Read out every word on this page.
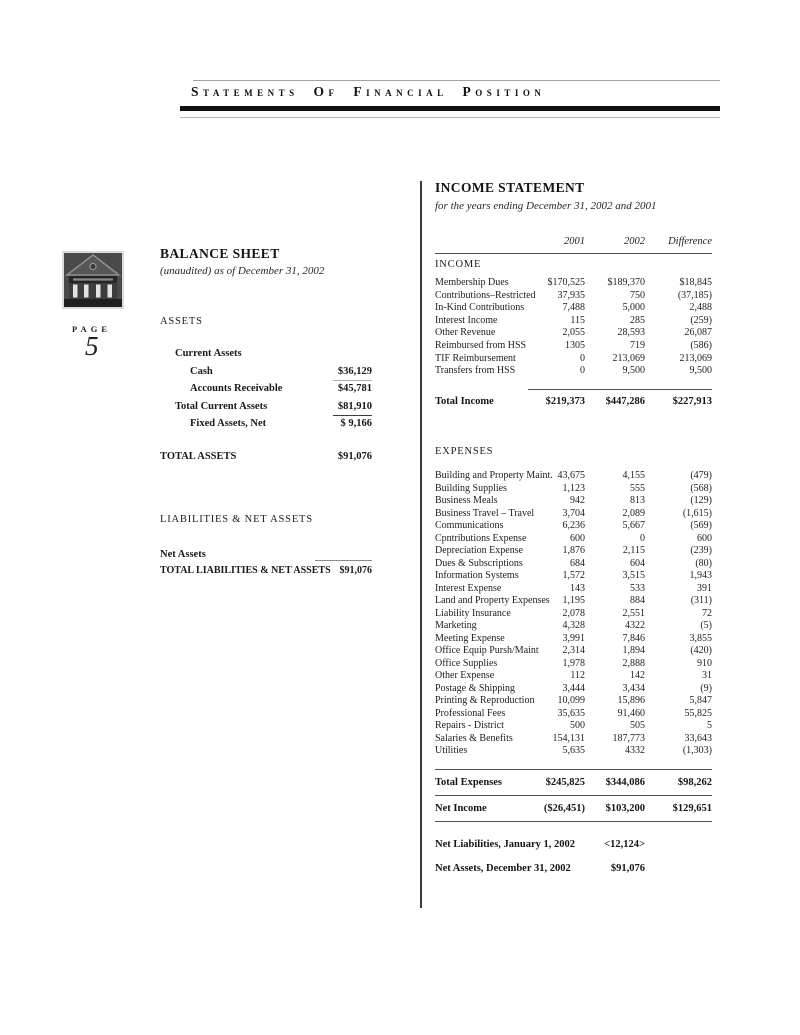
Statements Of Financial Position
PAGE
5
BALANCE SHEET
(unaudited) as of December 31, 2002
ASSETS
Current Assets
Cash	$36,129
Accounts Receivable	$45,781
Total Current Assets	$81,910
Fixed Assets, Net	$ 9,166
TOTAL ASSETS	$91,076
LIABILITIES & NET ASSETS
Net Assets
TOTAL LIABILITIES & NET ASSETS $91,076
INCOME STATEMENT
for the years ending December 31, 2002 and 2001
2001	2002 Difference
INCOME
Membership Dues	$170,525 $189,370	$18,845
Contributions–Restricted 37,935	750	(37,185)
In-Kind Contributions	7,488	5,000	2,488
Interest Income	115	285	(259)
Other Revenue	2,055	28,593	26,087
Reimbursed from HSS	1305	719	(586)
TIF Reimbursement	0	213,069	213,069
Transfers from HSS	0	9,500	9,500
Total Income	$219,373 $447,286	$227,913
EXPENSES
Building and Property Maint. 43,675	4,155	(479)
Building Supplies	1,123	555	(568)
Business Meals	942	813	(129)
Business Travel – Travel	3,704	2,089	(1,615)
Communications	6,236	5,667	(569)
Cpntributions Expense	600	0	600
Depreciation Expense	1,876	2,115	(239)
Dues & Subscriptions	684	604	(80)
Information Systems	1,572	3,515	1,943
Interest Expense	143	533	391
Land and Property Expenses 1,195	884	(311)
Liability Insurance	2,078	2,551	72
Marketing	4,328	4322	(5)
Meeting Expense	3,991	7,846	3,855
Office Equip Pursh/Maint 2,314	1,894	(420)
Office Supplies	1,978	2,888	910
Other Expense	112	142	31
Postage & Shipping	3,444	3,434	(9)
Printing & Reproduction 10,099	15,896	5,847
Professional Fees	35,635	91,460	55,825
Repairs - District	500	505	5
Salaries & Benefits	154,131	187,773	33,643
Utilities	5,635	4332	(1,303)
Total Expenses	$245,825 $344,086	$98,262
Net Income	($26,451) $103,200	$129,651
Net Liabilities, January 1, 2002	<12,124>
Net Assets, December 31, 2002	$91,076
